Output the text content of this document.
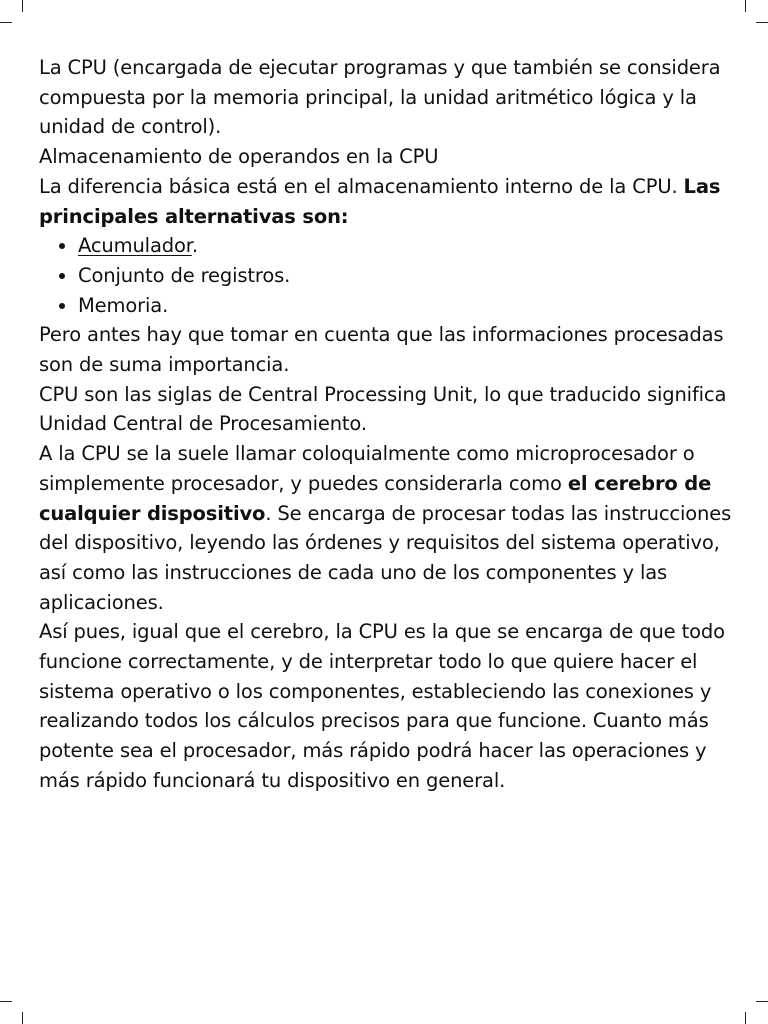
La CPU (encargada de ejecutar programas y que también se considera compuesta por la memoria principal, la unidad aritmético lógica y la unidad de control).

Almacenamiento de operandos en la CPU

La diferencia básica está en el almacenamiento interno de la CPU. Las principales alternativas son:

• Acumulador.
• Conjunto de registros.
• Memoria.

Pero antes hay que tomar en cuenta que las informaciones procesadas son de suma importancia.

CPU son las siglas de Central Processing Unit, lo que traducido significa Unidad Central de Procesamiento.

A la CPU se la suele llamar coloquialmente como microprocesador o simplemente procesador, y puedes considerarla como el cerebro de cualquier dispositivo. Se encarga de procesar todas las instrucciones del dispositivo, leyendo las órdenes y requisitos del sistema operativo, así como las instrucciones de cada uno de los componentes y las aplicaciones.

Así pues, igual que el cerebro, la CPU es la que se encarga de que todo funcione correctamente, y de interpretar todo lo que quiere hacer el sistema operativo o los componentes, estableciendo las conexiones y realizando todos los cálculos precisos para que funcione. Cuanto más potente sea el procesador, más rápido podrá hacer las operaciones y más rápido funcionará tu dispositivo en general.
